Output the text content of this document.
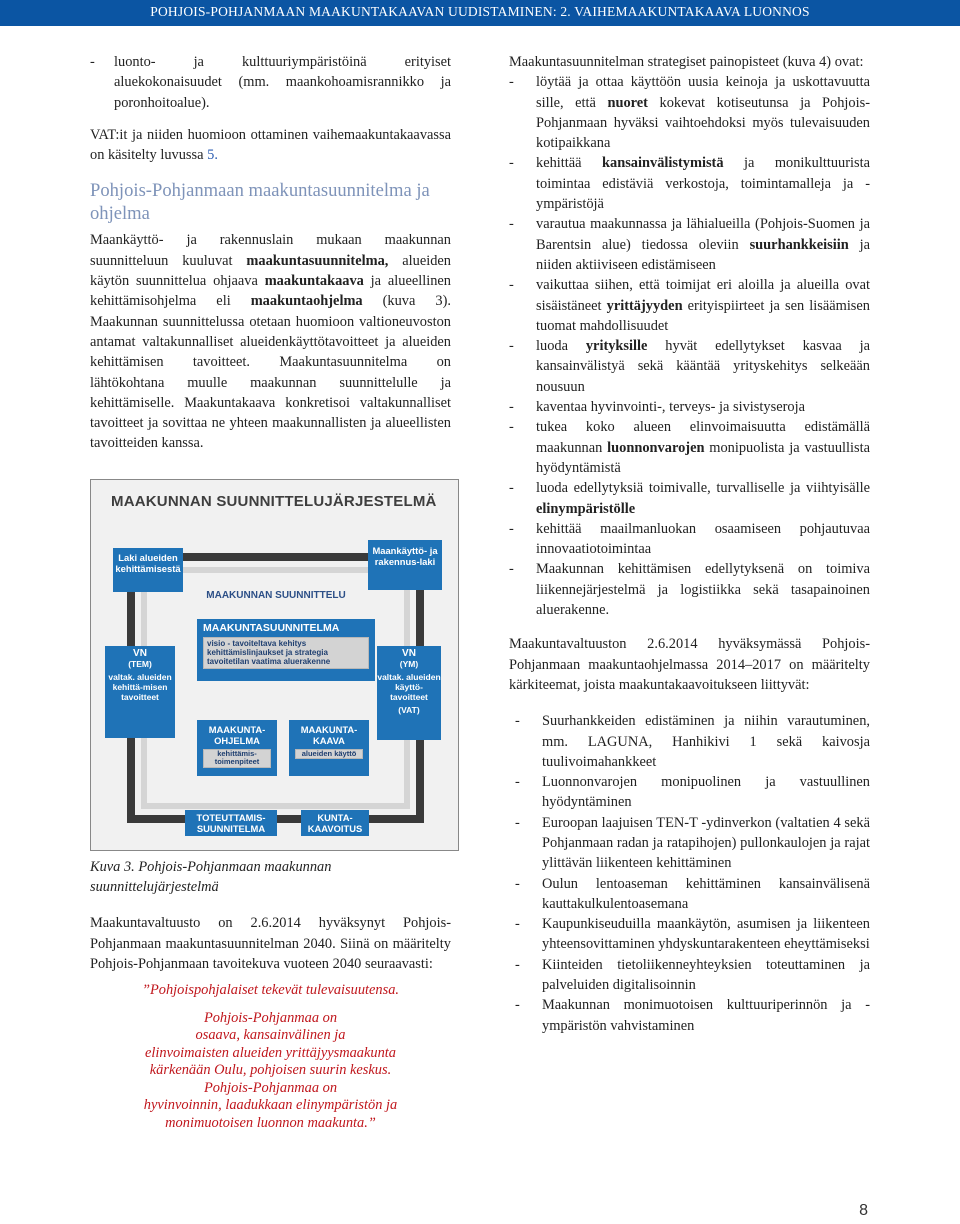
POHJOIS-POHJANMAAN MAAKUNTAKAAVAN UUDISTAMINEN: 2. VAIHEMAAKUNTAKAAVA LUONNOS
- luonto- ja kulttuuriympäristöinä erityiset aluekokonaisuudet (mm. maankohoamisrannikko ja poronhoitoalue).

VAT:it ja niiden huomioon ottaminen vaihemaakuntakaavassa on käsitelty luvussa 5.

Pohjois-Pohjanmaan maakuntasuunnitelma ja ohjelma

Maankäyttö- ja rakennuslain mukaan maakunnan suunnitteluun kuuluvat maakuntasuunnitelma, alueiden käytön suunnittelua ohjaava maakuntakaava ja alueellinen kehittämisohjelma eli maakuntaohjelma (kuva 3). Maakunnan suunnittelussa otetaan huomioon valtioneuvoston antamat valtakunnalliset alueidenkäyttötavoitteet ja alueiden kehittämisen tavoitteet. Maakuntasuunnitelma on lähtökohtana muulle maakunnan suunnittelulle ja kehittämiselle. Maakuntakaava konkretisoi valtakunnalliset tavoitteet ja sovittaa ne yhteen maakunnallisten ja alueellisten tavoitteiden kanssa.

MAAKUNNAN SUUNNITTELUJÄRJESTELMÄ
Laki alueiden kehittämisestä
Maankäyttö- ja rakennus-laki
MAAKUNNAN SUUNNITTELU
MAAKUNTASUUNNITELMA
visio - tavoiteltava kehitys
kehittämislinjaukset ja strategia
tavoitetilan vaatima aluerakenne
VN
(TEM)
valtak. alueiden kehittä-misen tavoitteet
VN
(YM)
valtak. alueiden käyttö-tavoitteet
(VAT)
MAAKUNTA-OHJELMA
kehittämis-toimenpiteet
MAAKUNTA-KAAVA
alueiden käyttö
TOTEUTTAMIS-SUUNNITELMA
KUNTA-KAAVOITUS
Kuva 3. Pohjois-Pohjanmaan maakunnan suunnittelujärjestelmä

Maakuntavaltuusto on 2.6.2014 hyväksynyt Pohjois-Pohjanmaan maakuntasuunnitelman 2040. Siinä on määritelty Pohjois-Pohjanmaan tavoitekuva vuoteen 2040 seuraavasti:

”Pohjoispohjalaiset tekevät tulevaisuutensa.
Pohjois-Pohjanmaa on
osaava, kansainvälinen ja
elinvoimaisten alueiden yrittäjyysmaakunta
kärkenään Oulu, pohjoisen suurin keskus.
Pohjois-Pohjanmaa on
hyvinvoinnin, laadukkaan elinympäristön ja
monimuotoisen luonnon maakunta.”

Maakuntasuunnitelman strategiset painopisteet (kuva 4) ovat:

- löytää ja ottaa käyttöön uusia keinoja ja uskottavuutta sille, että nuoret kokevat kotiseutunsa ja Pohjois-Pohjanmaan hyväksi vaihtoehdoksi myös tulevaisuuden kotipaikkana
- kehittää kansainvälistymistä ja monikulttuurista toimintaa edistäviä verkostoja, toimintamalleja ja -ympäristöjä
- varautua maakunnassa ja lähialueilla (Pohjois-Suomen ja Barentsin alue) tiedossa oleviin suurhankkeisiin ja niiden aktiiviseen edistämiseen
- vaikuttaa siihen, että toimijat eri aloilla ja alueilla ovat sisäistäneet yrittäjyyden erityispiirteet ja sen lisäämisen tuomat mahdollisuudet
- luoda yrityksille hyvät edellytykset kasvaa ja kansainvälistyä sekä kääntää yrityskehitys selkeään nousuun
- kaventaa hyvinvointi-, terveys- ja sivistyseroja
- tukea koko alueen elinvoimaisuutta edistämällä maakunnan luonnonvarojen monipuolista ja vastuullista hyödyntämistä
- luoda edellytyksiä toimivalle, turvalliselle ja viihtyisälle elinympäristölle
- kehittää maailmanluokan osaamiseen pohjautuvaa innovaatiotoimintaa
- Maakunnan kehittämisen edellytyksenä on toimiva liikennejärjestelmä ja logistiikka sekä tasapainoinen aluerakenne.

Maakuntavaltuuston 2.6.2014 hyväksymässä Pohjois-Pohjanmaan maakuntaohjelmassa 2014–2017 on määritelty kärkiteemat, joista maakuntakaavoitukseen liittyvät:

- Suurhankkeiden edistäminen ja niihin varautuminen, mm. LAGUNA, Hanhikivi 1 sekä kaivosja tuulivoimahankkeet
- Luonnonvarojen monipuolinen ja vastuullinen hyödyntäminen
- Euroopan laajuisen TEN-T -ydinverkon (valtatien 4 sekä Pohjanmaan radan ja ratapihojen) pullonkaulojen ja rajat ylittävän liikenteen kehittäminen
- Oulun lentoaseman kehittäminen kansainvälisenä kauttakulkulentoasemana
- Kaupunkiseuduilla maankäytön, asumisen ja liikenteen yhteensovittaminen yhdyskuntarakenteen eheyttämiseksi
- Kiinteiden tietoliikenneyhteyksien toteuttaminen ja palveluiden digitalisoinnin
- Maakunnan monimuotoisen kulttuuriperinnön ja -ympäristön vahvistaminen
8
